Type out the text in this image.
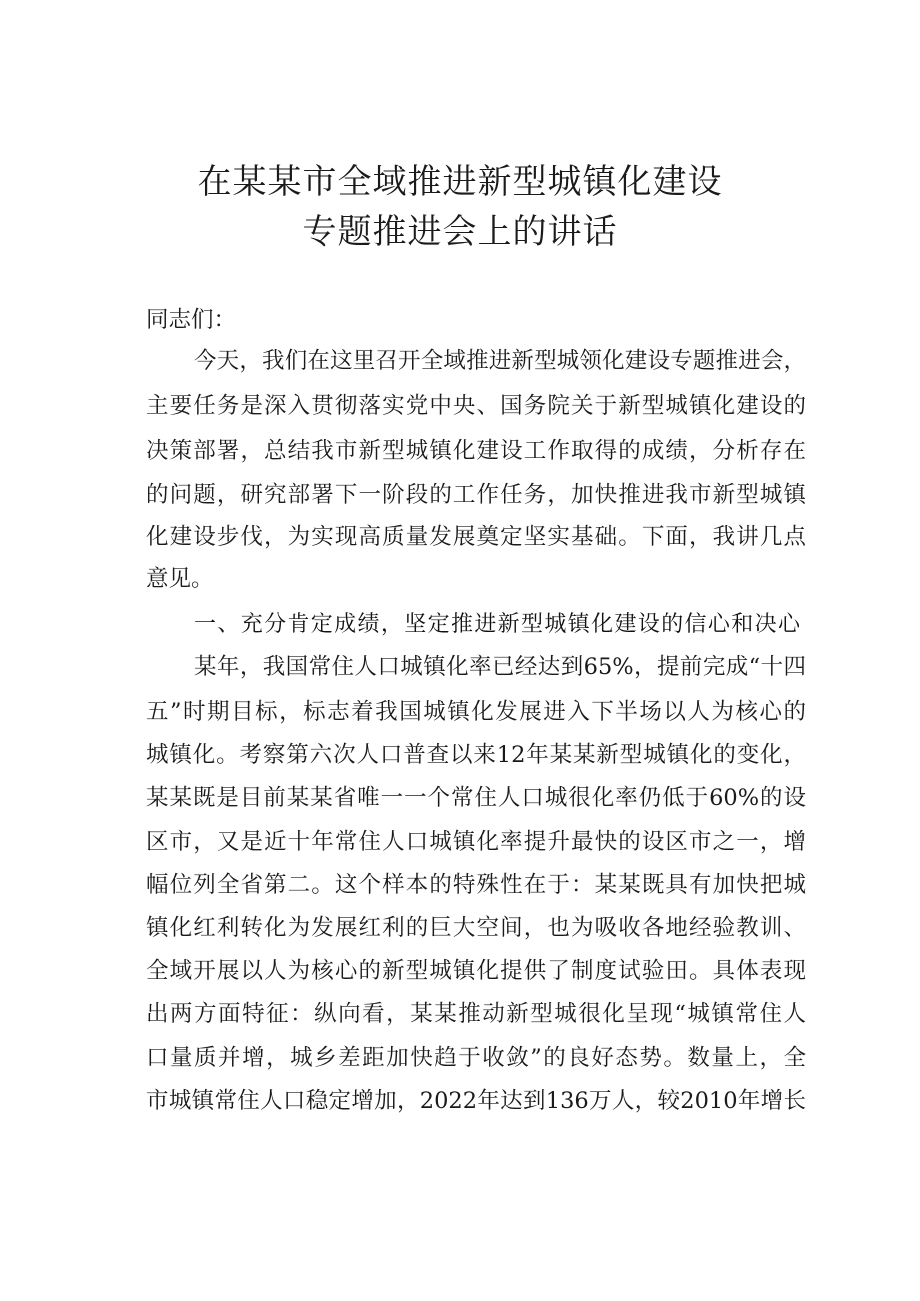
在某某市全域推进新型城镇化建设
专题推进会上的讲话
同志们：
今天，我们在这里召开全域推进新型城领化建设专题推进会，
主要任务是深入贯彻落实党中央、国务院关于新型城镇化建设的
决策部署，总结我市新型城镇化建设工作取得的成绩，分析存在
的问题，研究部署下一阶段的工作任务，加快推进我市新型城镇
化建设步伐，为实现高质量发展奠定坚实基础。下面，我讲几点
意见。
一、充分肯定成绩，坚定推进新型城镇化建设的信心和决心
某年，我国常住人口城镇化率已经达到65%，提前完成“十四
五”时期目标，标志着我国城镇化发展进入下半场以人为核心的
城镇化。考察第六次人口普查以来12年某某新型城镇化的变化，
某某既是目前某某省唯一一个常住人口城很化率仍低于60%的设
区市，又是近十年常住人口城镇化率提升最快的设区市之一，增
幅位列全省第二。这个样本的特殊性在于：某某既具有加快把城
镇化红利转化为发展红利的巨大空间，也为吸收各地经验教训、
全域开展以人为核心的新型城镇化提供了制度试验田。具体表现
出两方面特征：纵向看，某某推动新型城很化呈现“城镇常住人
口量质并增，城乡差距加快趋于收敛”的良好态势。数量上，全
市城镇常住人口稳定增加，2022年达到136万人，较2010年增长
